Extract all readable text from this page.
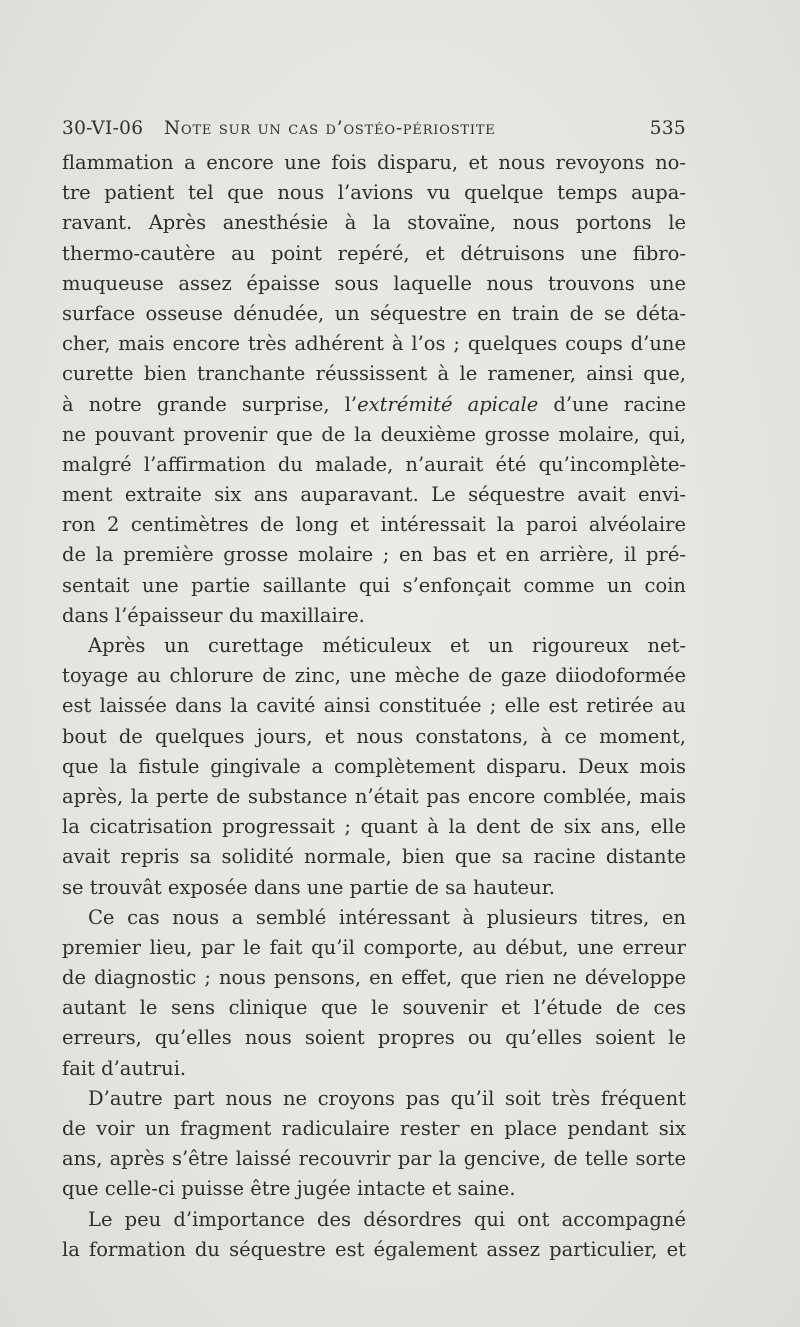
30-VI-06 Note sur un cas d’ostéo-périostite	535

flammation a encore une fois disparu, et nous revoyons no-
tre patient tel que nous l’avions vu quelque temps aupa-
ravant. Après anesthésie à la stovaïne, nous portons le
thermo-cautère au point repéré, et détruisons une fibro-
muqueuse assez épaisse sous laquelle nous trouvons une
surface osseuse dénudée, un séquestre en train de se déta-
cher, mais encore très adhérent à l’os ; quelques coups d’une
curette bien tranchante réussissent à le ramener, ainsi que,
à notre grande surprise, l’extrémité apicale d’une racine
ne pouvant provenir que de la deuxième grosse molaire, qui,
malgré l’affirmation du malade, n’aurait été qu’incomplète-
ment extraite six ans auparavant. Le séquestre avait envi-
ron 2 centimètres de long et intéressait la paroi alvéolaire
de la première grosse molaire ; en bas et en arrière, il pré-
sentait une partie saillante qui s’enfonçait comme un coin
dans l’épaisseur du maxillaire.

Après un curettage méticuleux et un rigoureux net-
toyage au chlorure de zinc, une mèche de gaze diiodoformée
est laissée dans la cavité ainsi constituée ; elle est retirée au
bout de quelques jours, et nous constatons, à ce moment,
que la fistule gingivale a complètement disparu. Deux mois
après, la perte de substance n’était pas encore comblée, mais
la cicatrisation progressait ; quant à la dent de six ans, elle
avait repris sa solidité normale, bien que sa racine distante
se trouvât exposée dans une partie de sa hauteur.

Ce cas nous a semblé intéressant à plusieurs titres, en
premier lieu, par le fait qu’il comporte, au début, une erreur
de diagnostic ; nous pensons, en effet, que rien ne développe
autant le sens clinique que le souvenir et l’étude de ces
erreurs, qu’elles nous soient propres ou qu’elles soient le
fait d’autrui.

D’autre part nous ne croyons pas qu’il soit très fréquent
de voir un fragment radiculaire rester en place pendant six
ans, après s’être laissé recouvrir par la gencive, de telle sorte
que celle-ci puisse être jugée intacte et saine.

Le peu d’importance des désordres qui ont accompagné
la formation du séquestre est également assez particulier, et
